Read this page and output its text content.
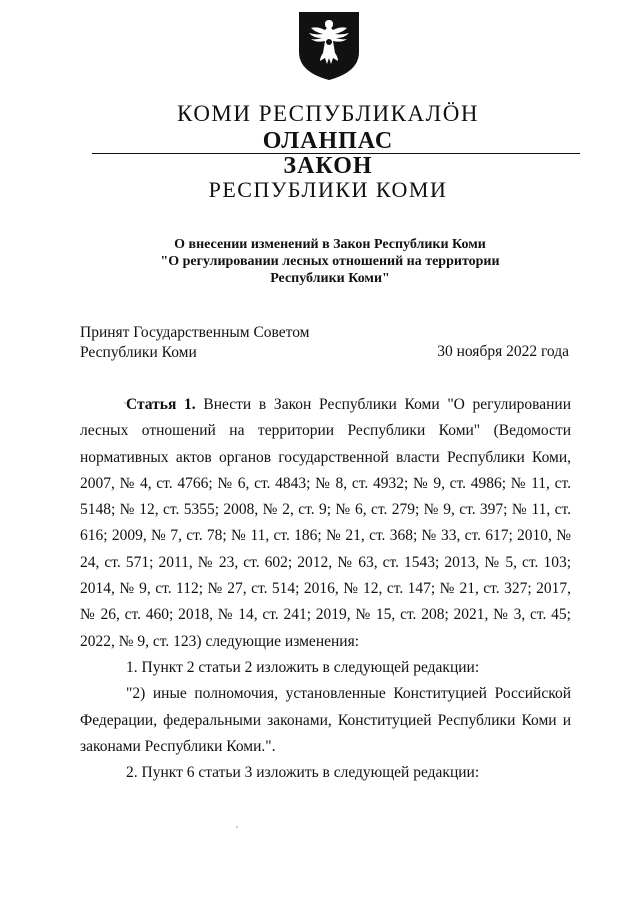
КОМИ РЕСПУБЛИКАЛÖН
ОЛАНПАС
ЗАКОН
РЕСПУБЛИКИ КОМИ
О внесении изменений в Закон Республики Коми
"О регулировании лесных отношений на территории
Республики Коми"
Принят Государственным Советом
Республики Коми	30 ноября 2022 года

Статья 1. Внести в Закон Республики Коми "О регулировании лесных отношений на территории Республики Коми" (Ведомости нормативных актов органов государственной власти Республики Коми, 2007, № 4, ст. 4766; № 6, ст. 4843; № 8, ст. 4932; № 9, ст. 4986; № 11, ст. 5148; № 12, ст. 5355; 2008, № 2, ст. 9; № 6, ст. 279; № 9, ст. 397; № 11, ст. 616; 2009, № 7, ст. 78; № 11, ст. 186; № 21, ст. 368; № 33, ст. 617; 2010, № 24, ст. 571; 2011, № 23, ст. 602; 2012, № 63, ст. 1543; 2013, № 5, ст. 103; 2014, № 9, ст. 112; № 27, ст. 514; 2016, № 12, ст. 147; № 21, ст. 327; 2017, № 26, ст. 460; 2018, № 14, ст. 241; 2019, № 15, ст. 208; 2021, № 3, ст. 45; 2022, № 9, ст. 123) следующие изменения:

1. Пункт 2 статьи 2 изложить в следующей редакции:

"2) иные полномочия, установленные Конституцией Российской Федерации, федеральными законами, Конституцией Республики Коми и законами Республики Коми.".

2. Пункт 6 статьи 3 изложить в следующей редакции:
